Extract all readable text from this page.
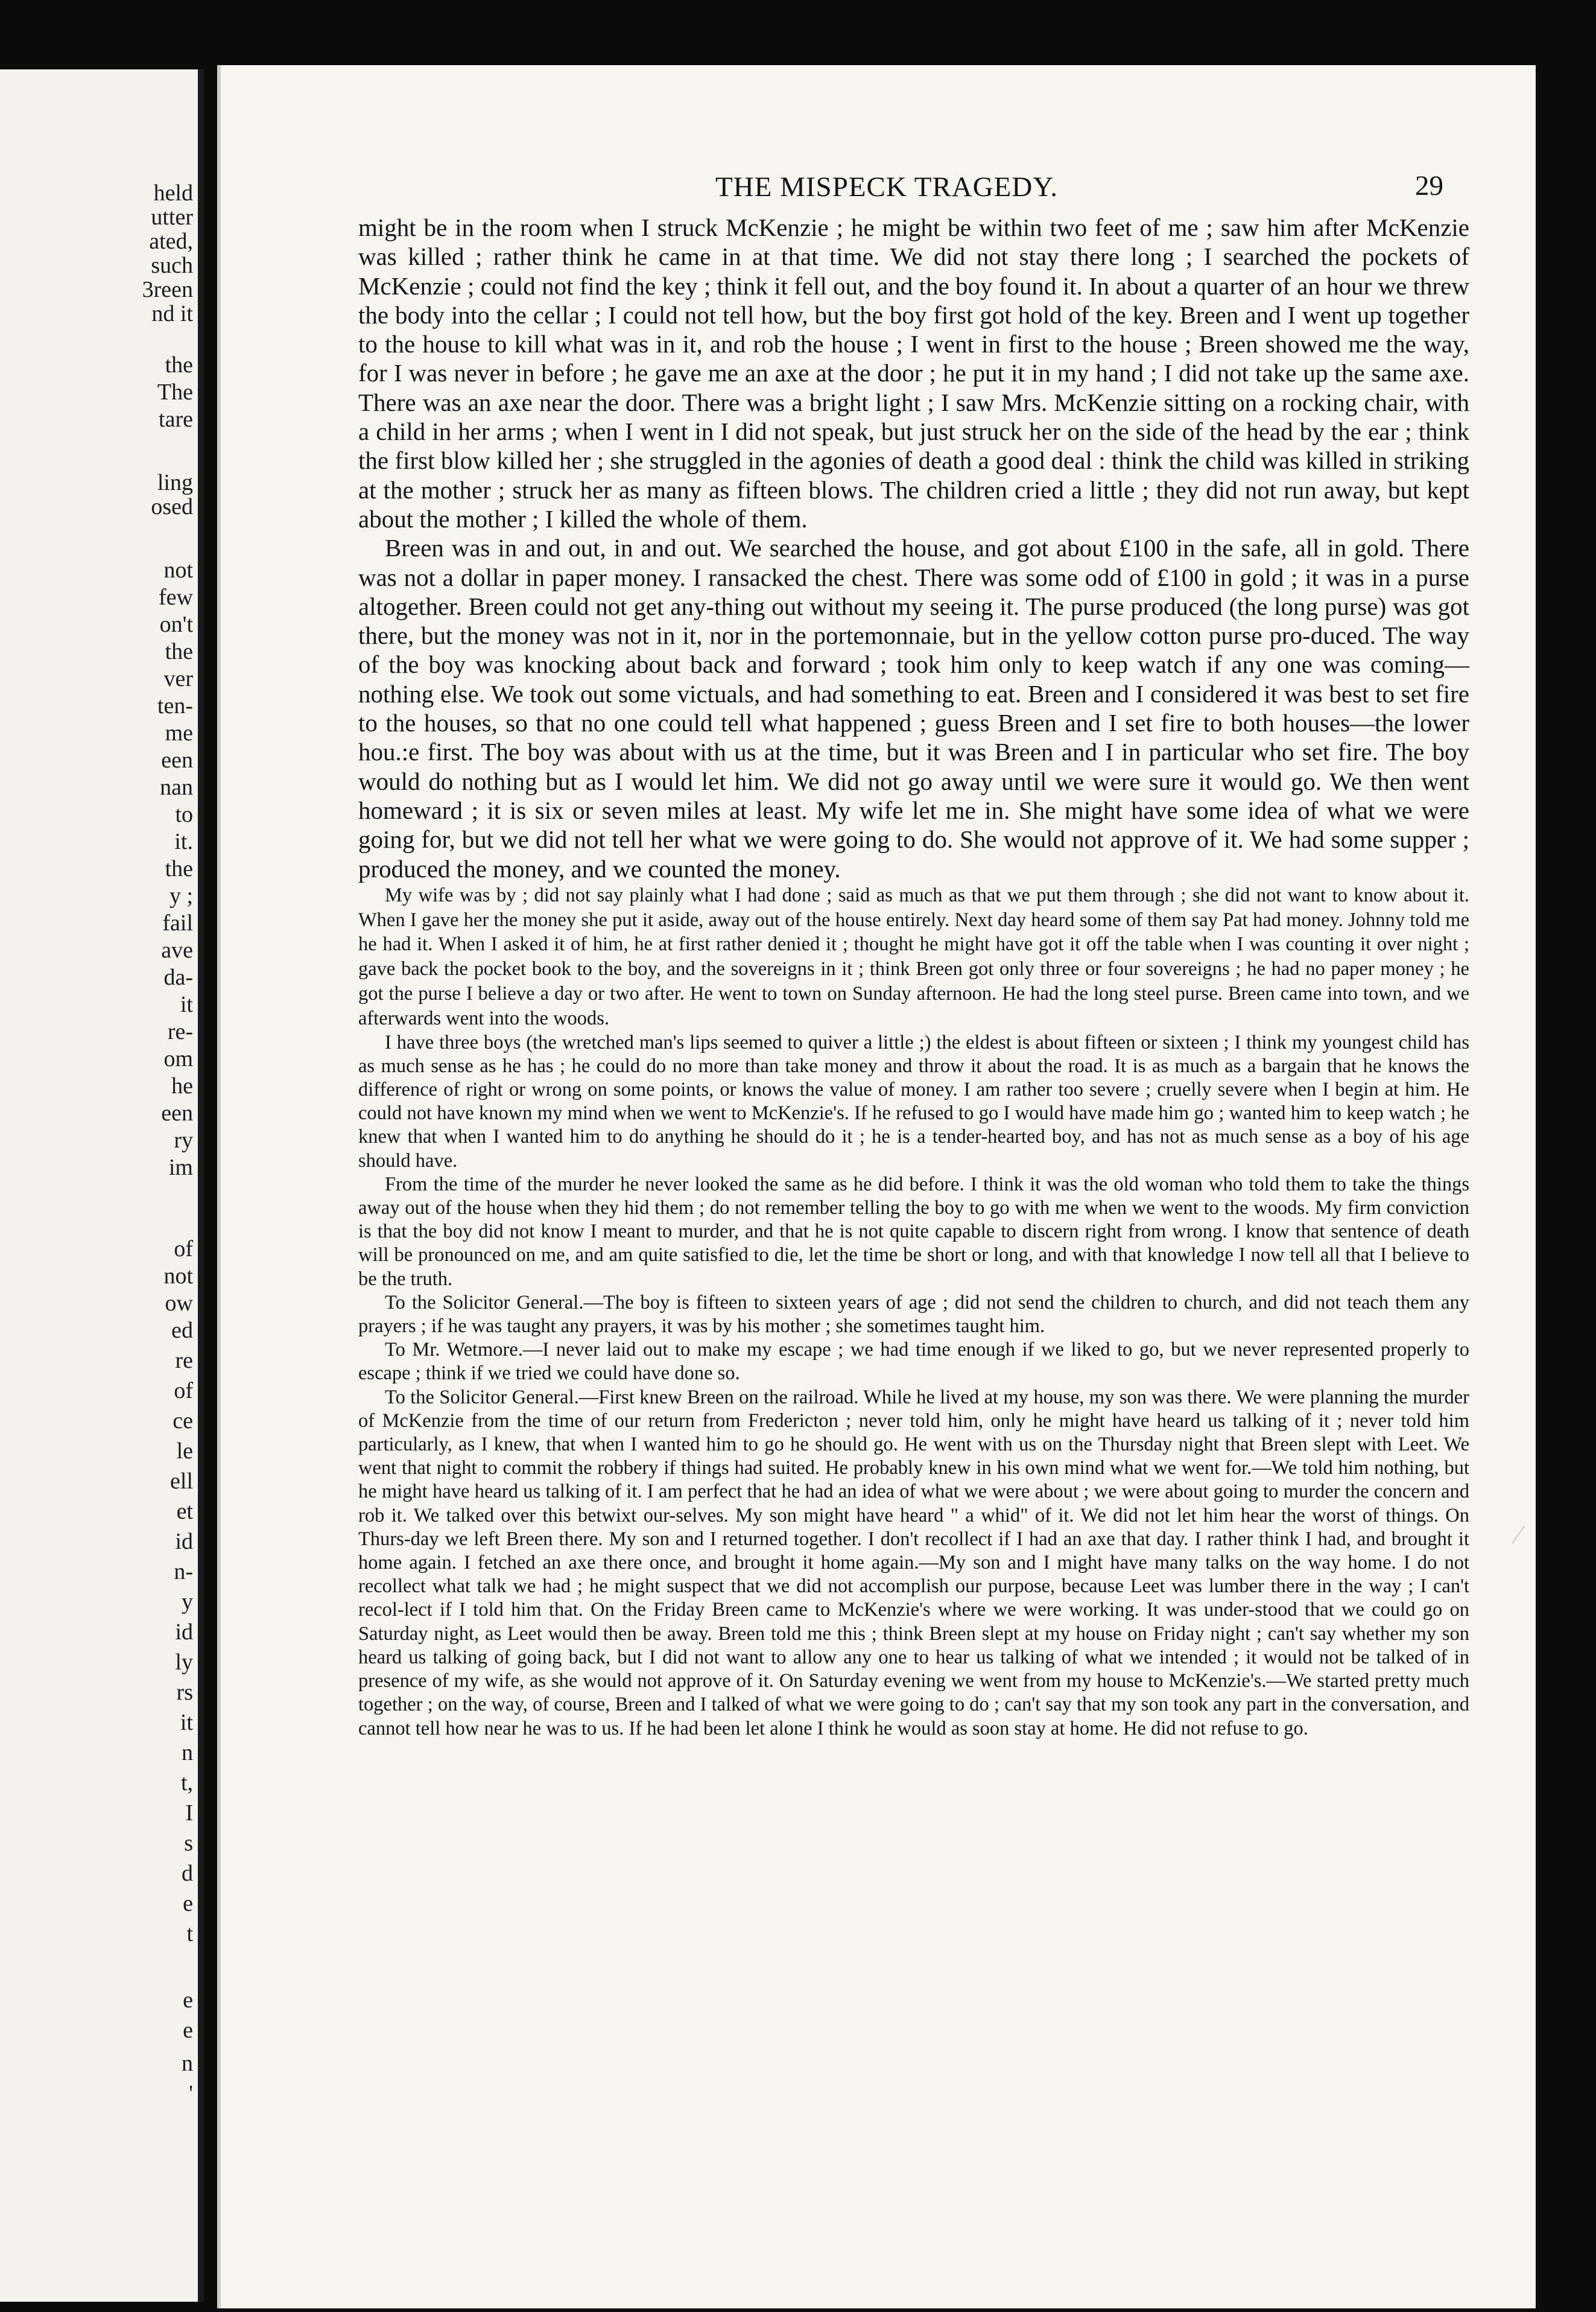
held
utter
ated,
such
3reen
nd it
the
The
tare
ling
osed
not
few
on't
the
ver
ten-
me
een
nan
to
it.
the
y ;
fail
ave
da-
it
re-
om
he
een
ry
im
of
not
ow
ed
re
of
ce
le
ell
et
id
n-
y
id
ly
rs
it
n
t,
I
s
d
e
t
e
e
n
'
THE MISPECK TRAGEDY.	29

might be in the room when I struck McKenzie ; he might be within two feet of me ; saw him after McKenzie was killed ; rather think he came in at that time. We did not stay there long ; I searched the pockets of McKenzie ; could not find the key ; think it fell out, and the boy found it. In about a quarter of an hour we threw the body into the cellar ; I could not tell how, but the boy first got hold of the key. Breen and I went up together to the house to kill what was in it, and rob the house ; I went in first to the house ; Breen showed me the way, for I was never in before ; he gave me an axe at the door ; he put it in my hand ; I did not take up the same axe. There was an axe near the door. There was a bright light ; I saw Mrs. McKenzie sitting on a rocking chair, with a child in her arms ; when I went in I did not speak, but just struck her on the side of the head by the ear ; think the first blow killed her ; she struggled in the agonies of death a good deal : think the child was killed in striking at the mother ; struck her as many as fifteen blows. The children cried a little ; they did not run away, but kept about the mother ; I killed the whole of them.

Breen was in and out, in and out. We searched the house, and got about £100 in the safe, all in gold. There was not a dollar in paper money. I ransacked the chest. There was some odd of £100 in gold ; it was in a purse altogether. Breen could not get any-thing out without my seeing it. The purse produced (the long purse) was got there, but the money was not in it, nor in the portemonnaie, but in the yellow cotton purse pro-duced. The way of the boy was knocking about back and forward ; took him only to keep watch if any one was coming—nothing else. We took out some victuals, and had something to eat. Breen and I considered it was best to set fire to the houses, so that no one could tell what happened ; guess Breen and I set fire to both houses—the lower hou.:e first. The boy was about with us at the time, but it was Breen and I in particular who set fire. The boy would do nothing but as I would let him. We did not go away until we were sure it would go. We then went homeward ; it is six or seven miles at least. My wife let me in. She might have some idea of what we were going for, but we did not tell her what we were going to do. She would not approve of it. We had some supper ; produced the money, and we counted the money.

My wife was by ; did not say plainly what I had done ; said as much as that we put them through ; she did not want to know about it. When I gave her the money she put it aside, away out of the house entirely. Next day heard some of them say Pat had money. Johnny told me he had it. When I asked it of him, he at first rather denied it ; thought he might have got it off the table when I was counting it over night ; gave back the pocket book to the boy, and the sovereigns in it ; think Breen got only three or four sovereigns ; he had no paper money ; he got the purse I believe a day or two after. He went to town on Sunday afternoon. He had the long steel purse. Breen came into town, and we afterwards went into the woods.

I have three boys (the wretched man's lips seemed to quiver a little ;) the eldest is about fifteen or sixteen ; I think my youngest child has as much sense as he has ; he could do no more than take money and throw it about the road. It is as much as a bargain that he knows the difference of right or wrong on some points, or knows the value of money. I am rather too severe ; cruelly severe when I begin at him. He could not have known my mind when we went to McKenzie's. If he refused to go I would have made him go ; wanted him to keep watch ; he knew that when I wanted him to do anything he should do it ; he is a tender-hearted boy, and has not as much sense as a boy of his age should have.

From the time of the murder he never looked the same as he did before. I think it was the old woman who told them to take the things away out of the house when they hid them ; do not remember telling the boy to go with me when we went to the woods. My firm conviction is that the boy did not know I meant to murder, and that he is not quite capable to discern right from wrong. I know that sentence of death will be pronounced on me, and am quite satisfied to die, let the time be short or long, and with that knowledge I now tell all that I believe to be the truth.

To the Solicitor General.—The boy is fifteen to sixteen years of age ; did not send the children to church, and did not teach them any prayers ; if he was taught any prayers, it was by his mother ; she sometimes taught him.

To Mr. Wetmore.—I never laid out to make my escape ; we had time enough if we liked to go, but we never represented properly to escape ; think if we tried we could have done so.

To the Solicitor General.—First knew Breen on the railroad. While he lived at my house, my son was there. We were planning the murder of McKenzie from the time of our return from Fredericton ; never told him, only he might have heard us talking of it ; never told him particularly, as I knew, that when I wanted him to go he should go. He went with us on the Thursday night that Breen slept with Leet. We went that night to commit the robbery if things had suited. He probably knew in his own mind what we went for.—We told him nothing, but he might have heard us talking of it. I am perfect that he had an idea of what we were about ; we were about going to murder the concern and rob it. We talked over this betwixt our-selves. My son might have heard " a whid" of it. We did not let him hear the worst of things. On Thurs-day we left Breen there. My son and I returned together. I don't recollect if I had an axe that day. I rather think I had, and brought it home again. I fetched an axe there once, and brought it home again.—My son and I might have many talks on the way home. I do not recollect what talk we had ; he might suspect that we did not accomplish our purpose, because Leet was lumber there in the way ; I can't recol-lect if I told him that. On the Friday Breen came to McKenzie's where we were working. It was under-stood that we could go on Saturday night, as Leet would then be away. Breen told me this ; think Breen slept at my house on Friday night ; can't say whether my son heard us talking of going back, but I did not want to allow any one to hear us talking of what we intended ; it would not be talked of in presence of my wife, as she would not approve of it. On Saturday evening we went from my house to McKenzie's.—We started pretty much together ; on the way, of course, Breen and I talked of what we were going to do ; can't say that my son took any part in the conversation, and cannot tell how near he was to us. If he had been let alone I think he would as soon stay at home. He did not refuse to go.
